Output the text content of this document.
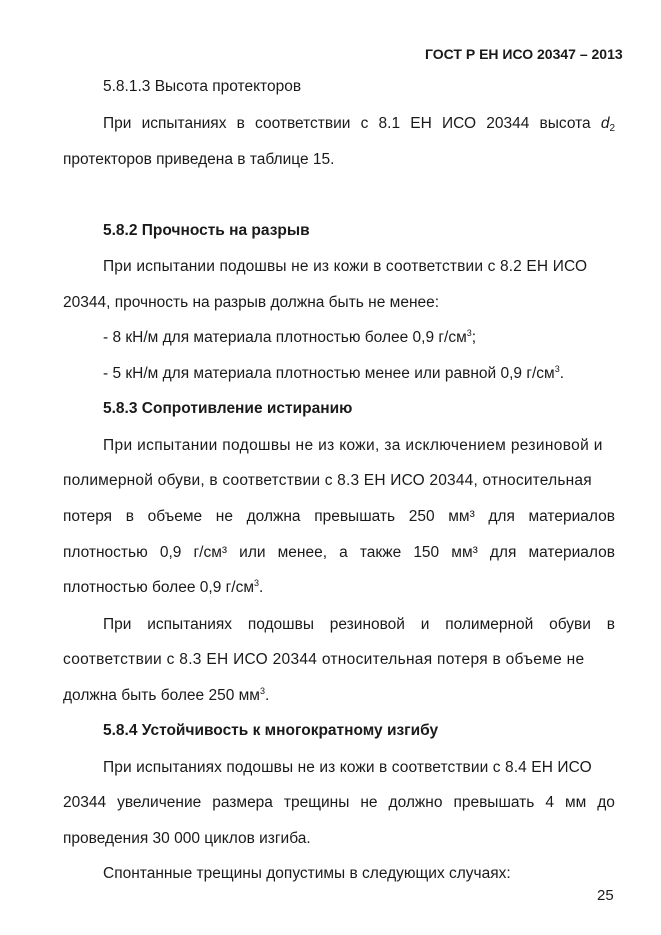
ГОСТ Р ЕН ИСО 20347 – 2013
5.8.1.3 Высота протекторов
При испытаниях в соответствии с 8.1 ЕН ИСО 20344 высота $d_2$
протекторов приведена в таблице 15.
5.8.2 Прочность на разрыв
При испытании подошвы не из кожи в соответствии с 8.2 ЕН ИСО
20344, прочность на разрыв должна быть не менее:
- 8 кН/м для материала плотностью более 0,9 $г/см^3$;
- 5 кН/м для материала плотностью менее или равной 0,9 $г/см^3$.
5.8.3 Сопротивление истиранию
При испытании подошвы не из кожи, за исключением резиновой и
полимерной обуви, в соответствии с 8.3 ЕН ИСО 20344, относительная
потеря в объеме не должна превышать 250 мм³ для материалов
плотностью 0,9 г/см³ или менее, а также 150 мм³ для материалов
плотностью более 0,9 $г/см^3$.
При испытаниях подошвы резиновой и полимерной обуви в
соответствии с 8.3 ЕН ИСО 20344 относительная потеря в объеме не
должна быть более 250 $мм^3$.
5.8.4 Устойчивость к многократному изгибу
При испытаниях подошвы не из кожи в соответствии с 8.4 ЕН ИСО
20344 увеличение размера трещины не должно превышать 4 мм до
проведения 30 000 циклов изгиба.
Спонтанные трещины допустимы в следующих случаях:
25
